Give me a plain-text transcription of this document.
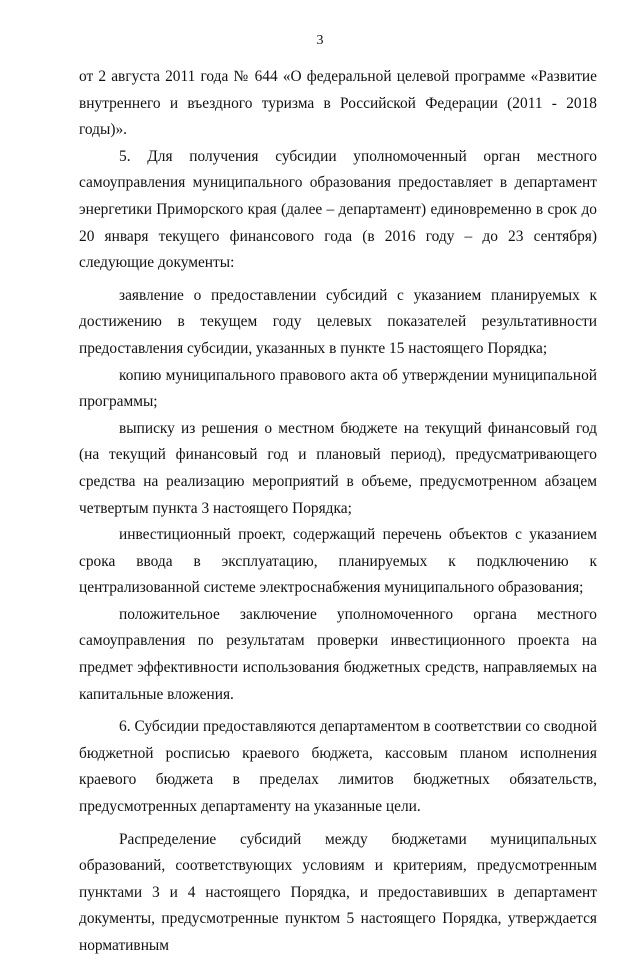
3

от 2 августа 2011 года № 644 «О федеральной целевой программе «Развитие внутреннего и въездного туризма в Российской Федерации (2011 - 2018 годы)».

5. Для получения субсидии уполномоченный орган местного самоуправления муниципального образования предоставляет в департамент энергетики Приморского края (далее – департамент) единовременно в срок до 20 января текущего финансового года (в 2016 году – до 23 сентября) следующие документы:

заявление о предоставлении субсидий с указанием планируемых к достижению в текущем году целевых показателей результативности предоставления субсидии, указанных в пункте 15 настоящего Порядка;

копию муниципального правового акта об утверждении муниципальной программы;

выписку из решения о местном бюджете на текущий финансовый год (на текущий финансовый год и плановый период), предусматривающего средства на реализацию мероприятий в объеме, предусмотренном абзацем четвертым пункта 3 настоящего Порядка;

инвестиционный проект, содержащий перечень объектов с указанием срока ввода в эксплуатацию, планируемых к подключению к централизованной системе электроснабжения муниципального образования;

положительное заключение уполномоченного органа местного самоуправления по результатам проверки инвестиционного проекта на предмет эффективности использования бюджетных средств, направляемых на капитальные вложения.

6. Субсидии предоставляются департаментом в соответствии со сводной бюджетной росписью краевого бюджета, кассовым планом исполнения краевого бюджета в пределах лимитов бюджетных обязательств, предусмотренных департаменту на указанные цели.

Распределение субсидий между бюджетами муниципальных образований, соответствующих условиям и критериям, предусмотренным пунктами 3 и 4 настоящего Порядка, и предоставивших в департамент документы, предусмотренные пунктом 5 настоящего Порядка, утверждается нормативным
